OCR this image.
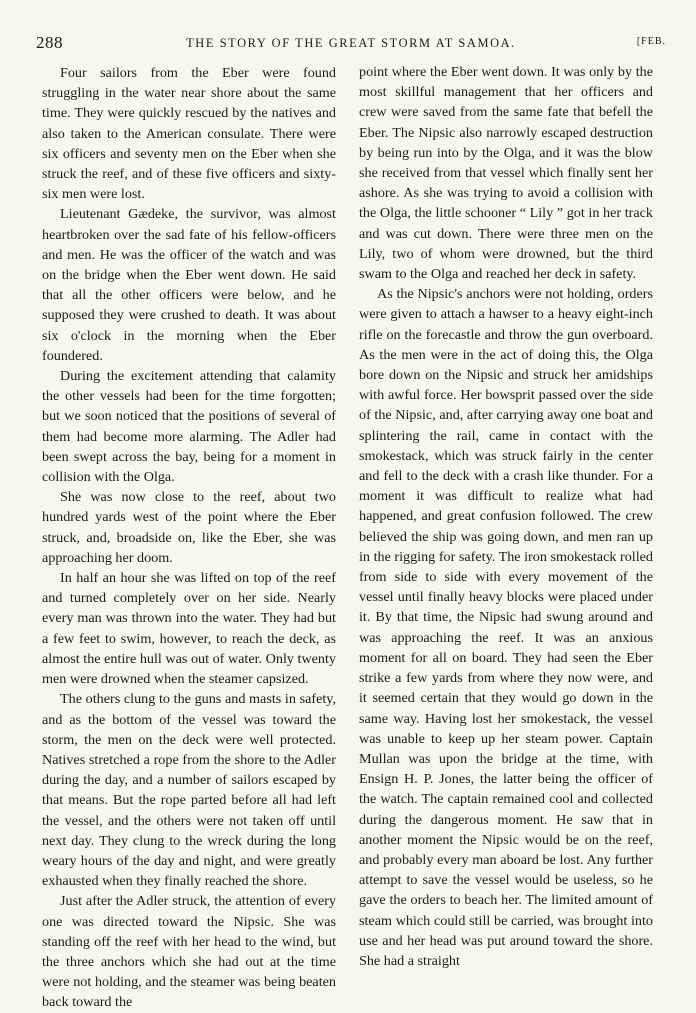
288	THE STORY OF THE GREAT STORM AT SAMOA.	[FEB.

Four sailors from the Eber were found struggling in the water near shore about the same time. They were quickly rescued by the natives and also taken to the American consulate. There were six officers and seventy men on the Eber when she struck the reef, and of these five officers and sixty-six men were lost.

Lieutenant Gædeke, the survivor, was almost heartbroken over the sad fate of his fellow-officers and men. He was the officer of the watch and was on the bridge when the Eber went down. He said that all the other officers were below, and he supposed they were crushed to death. It was about six o'clock in the morning when the Eber foundered.

During the excitement attending that calamity the other vessels had been for the time forgotten; but we soon noticed that the positions of several of them had become more alarming. The Adler had been swept across the bay, being for a moment in collision with the Olga.

She was now close to the reef, about two hundred yards west of the point where the Eber struck, and, broadside on, like the Eber, she was approaching her doom.

In half an hour she was lifted on top of the reef and turned completely over on her side. Nearly every man was thrown into the water. They had but a few feet to swim, however, to reach the deck, as almost the entire hull was out of water. Only twenty men were drowned when the steamer capsized.

The others clung to the guns and masts in safety, and as the bottom of the vessel was toward the storm, the men on the deck were well protected. Natives stretched a rope from the shore to the Adler during the day, and a number of sailors escaped by that means. But the rope parted before all had left the vessel, and the others were not taken off until next day. They clung to the wreck during the long weary hours of the day and night, and were greatly exhausted when they finally reached the shore.

Just after the Adler struck, the attention of every one was directed toward the Nipsic. She was standing off the reef with her head to the wind, but the three anchors which she had out at the time were not holding, and the steamer was being beaten back toward the

point where the Eber went down. It was only by the most skillful management that her officers and crew were saved from the same fate that befell the Eber. The Nipsic also narrowly escaped destruction by being run into by the Olga, and it was the blow she received from that vessel which finally sent her ashore. As she was trying to avoid a collision with the Olga, the little schooner “ Lily ” got in her track and was cut down. There were three men on the Lily, two of whom were drowned, but the third swam to the Olga and reached her deck in safety.

As the Nipsic's anchors were not holding, orders were given to attach a hawser to a heavy eight-inch rifle on the forecastle and throw the gun overboard. As the men were in the act of doing this, the Olga bore down on the Nipsic and struck her amidships with awful force. Her bowsprit passed over the side of the Nipsic, and, after carrying away one boat and splintering the rail, came in contact with the smokestack, which was struck fairly in the center and fell to the deck with a crash like thunder. For a moment it was difficult to realize what had happened, and great confusion followed. The crew believed the ship was going down, and men ran up in the rigging for safety. The iron smokestack rolled from side to side with every movement of the vessel until finally heavy blocks were placed under it. By that time, the Nipsic had swung around and was approaching the reef. It was an anxious moment for all on board. They had seen the Eber strike a few yards from where they now were, and it seemed certain that they would go down in the same way. Having lost her smokestack, the vessel was unable to keep up her steam power. Captain Mullan was upon the bridge at the time, with Ensign H. P. Jones, the latter being the officer of the watch. The captain remained cool and collected during the dangerous moment. He saw that in another moment the Nipsic would be on the reef, and probably every man aboard be lost. Any further attempt to save the vessel would be useless, so he gave the orders to beach her. The limited amount of steam which could still be carried, was brought into use and her head was put around toward the shore. She had a straight
